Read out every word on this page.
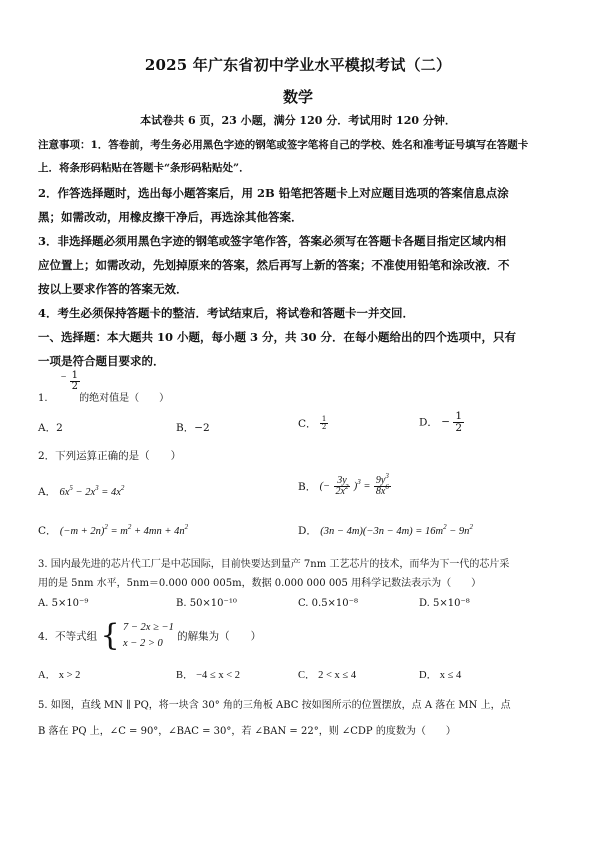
2025 年广东省初中学业水平模拟考试（二）
数学
本试卷共 6 页，23 小题，满分 120 分．考试用时 120 分钟．
注意事项：1．答卷前，考生务必用黑色字迹的钢笔或签字笔将自己的学校、姓名和准考证号填写在答题卡
上．将条形码粘贴在答题卡“条形码粘贴处”．
2．作答选择题时，选出每小题答案后，用 2B 铅笔把答题卡上对应题目选项的答案信息点涂
黑；如需改动，用橡皮擦干净后，再选涂其他答案．
3．非选择题必须用黑色字迹的钢笔或签字笔作答，答案必须写在答题卡各题目指定区域内相
应位置上；如需改动，先划掉原来的答案，然后再写上新的答案；不准使用铅笔和涂改液．不
按以上要求作答的答案无效．
4．考生必须保持答题卡的整洁．考试结束后，将试卷和答题卡一并交回．
一、选择题：本大题共 10 小题，每小题 3 分，共 30 分．在每小题给出的四个选项中，只有
一项是符合题目要求的．
1. − $\frac{1}{2}$
的绝对值是（　　）
A．2	B．−2	C． $\frac{1}{2}$	D． − $\frac{1}{2}$
2．下列运算正确的是（　　）
A． $6x^5 - 2x^3 = 4x^2$	B． (− $\frac{3y}{2x^2} )^3 = \frac{9y^3}{8x^6}$
C． $(-m + 2n)^2 = m^2 + 4mn + 4n^2$	D． $(3n - 4m)(-3n - 4m) = 16m^2 - 9n^2$
3. 国内最先进的芯片代工厂是中芯国际，目前快要达到量产 7nm 工艺芯片的技术，而华为下一代的芯片采
用的是 5nm 水平，5nm＝0.000 000 005m，数据 0.000 000 005 用科学记数法表示为（　　）
A. 5×10⁻⁹	B. 50×10⁻¹⁰	C. 0.5×10⁻⁸	D. 5×10⁻⁸
4．不等式组 { 7 − 2x ≥ −1
x − 2 > 0
的解集为（　　）
A． x > 2	B． −4 ≤ x < 2	C． 2 < x ≤ 4	D． x ≤ 4
5. 如图，直线 MN ∥ PQ，将一块含 30° 角的三角板 ABC 按如图所示的位置摆放，点 A 落在 MN 上，点
B 落在 PQ 上，∠C = 90°，∠BAC = 30°，若 ∠BAN = 22°，则 ∠CDP 的度数为（　　）
